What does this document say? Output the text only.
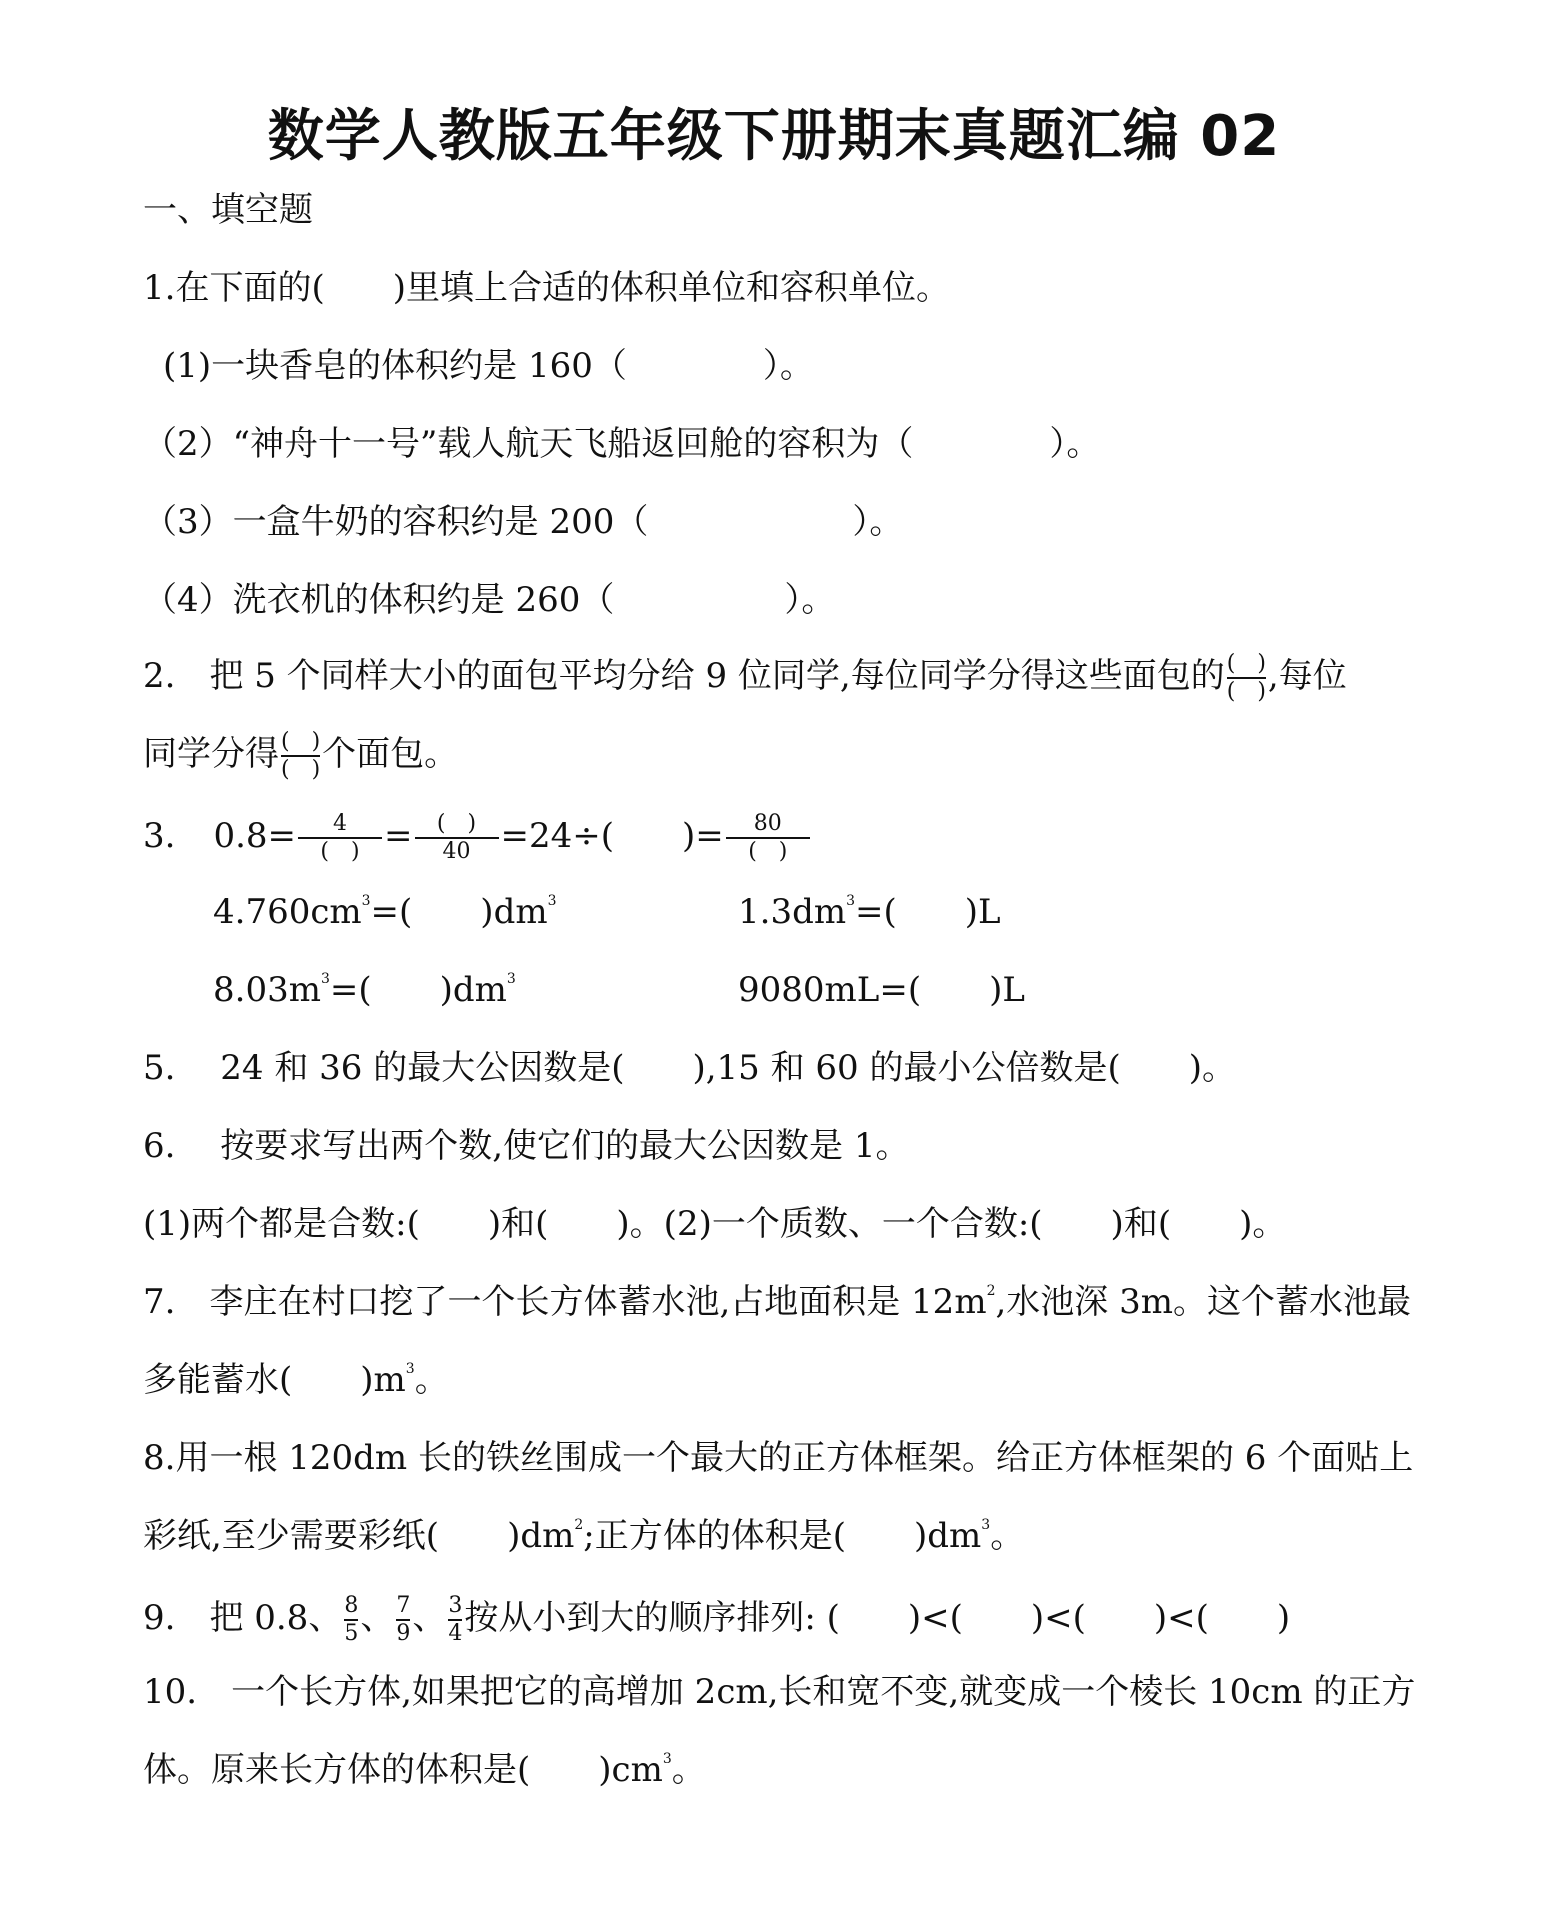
数学人教版五年级下册期末真题汇编 02
一、填空题
1.在下面的(　　)里填上合适的体积单位和容积单位。
(1)一块香皂的体积约是 160（　　　　）。
（2）“神舟十一号”载人航天飞船返回舱的容积为（　　　　）。
（3）一盒牛奶的容积约是 200（　　　　　　）。
（4）洗衣机的体积约是 260（　　　　　）。
2.　把 5 个同样大小的面包平均分给 9 位同学,每位同学分得这些面包的 $\frac{( )}{( )}$ ,每位
同学分得 $\frac{( )}{( )}$ 个面包。
3. $0.8= \frac{4}{( )} = \frac{( )}{40} =24\div$(　　)= $\frac{80}{( )}$
$4.760cm^3=$(　　)$dm^3$	$1.3dm^3=$(　　)L
$8.03m^3=$(　　)$dm^3$	9080mL=(　　)L
5.　 24 和 36 的最大公因数是(　　),15 和 60 的最小公倍数是(　　)。
6.　 按要求写出两个数,使它们的最大公因数是 1。
(1)两个都是合数:(　　)和(　　)。(2)一个质数、一个合数:(　　)和(　　)。
7.　李庄在村口挖了一个长方体蓄水池,占地面积是 $12m^2$,水池深 3m。这个蓄水池最
多能蓄水(　　)$m^3$。
8.用一根 120dm 长的铁丝围成一个最大的正方体框架。给正方体框架的 6 个面贴上
彩纸,至少需要彩纸(　　)$dm^2$;正方体的体积是(　　)$dm^3$。
9.　把 0.8、 $\frac{8}{5}$ 、 $\frac{7}{9}$ 、 $\frac{3}{4}$ 按从小到大的顺序排列: (　　)<(　　)<(　　)<(　　)
10.　一个长方体,如果把它的高增加 2cm,长和宽不变,就变成一个棱长 10cm 的正方
体。原来长方体的体积是(　　)$cm^3$。
